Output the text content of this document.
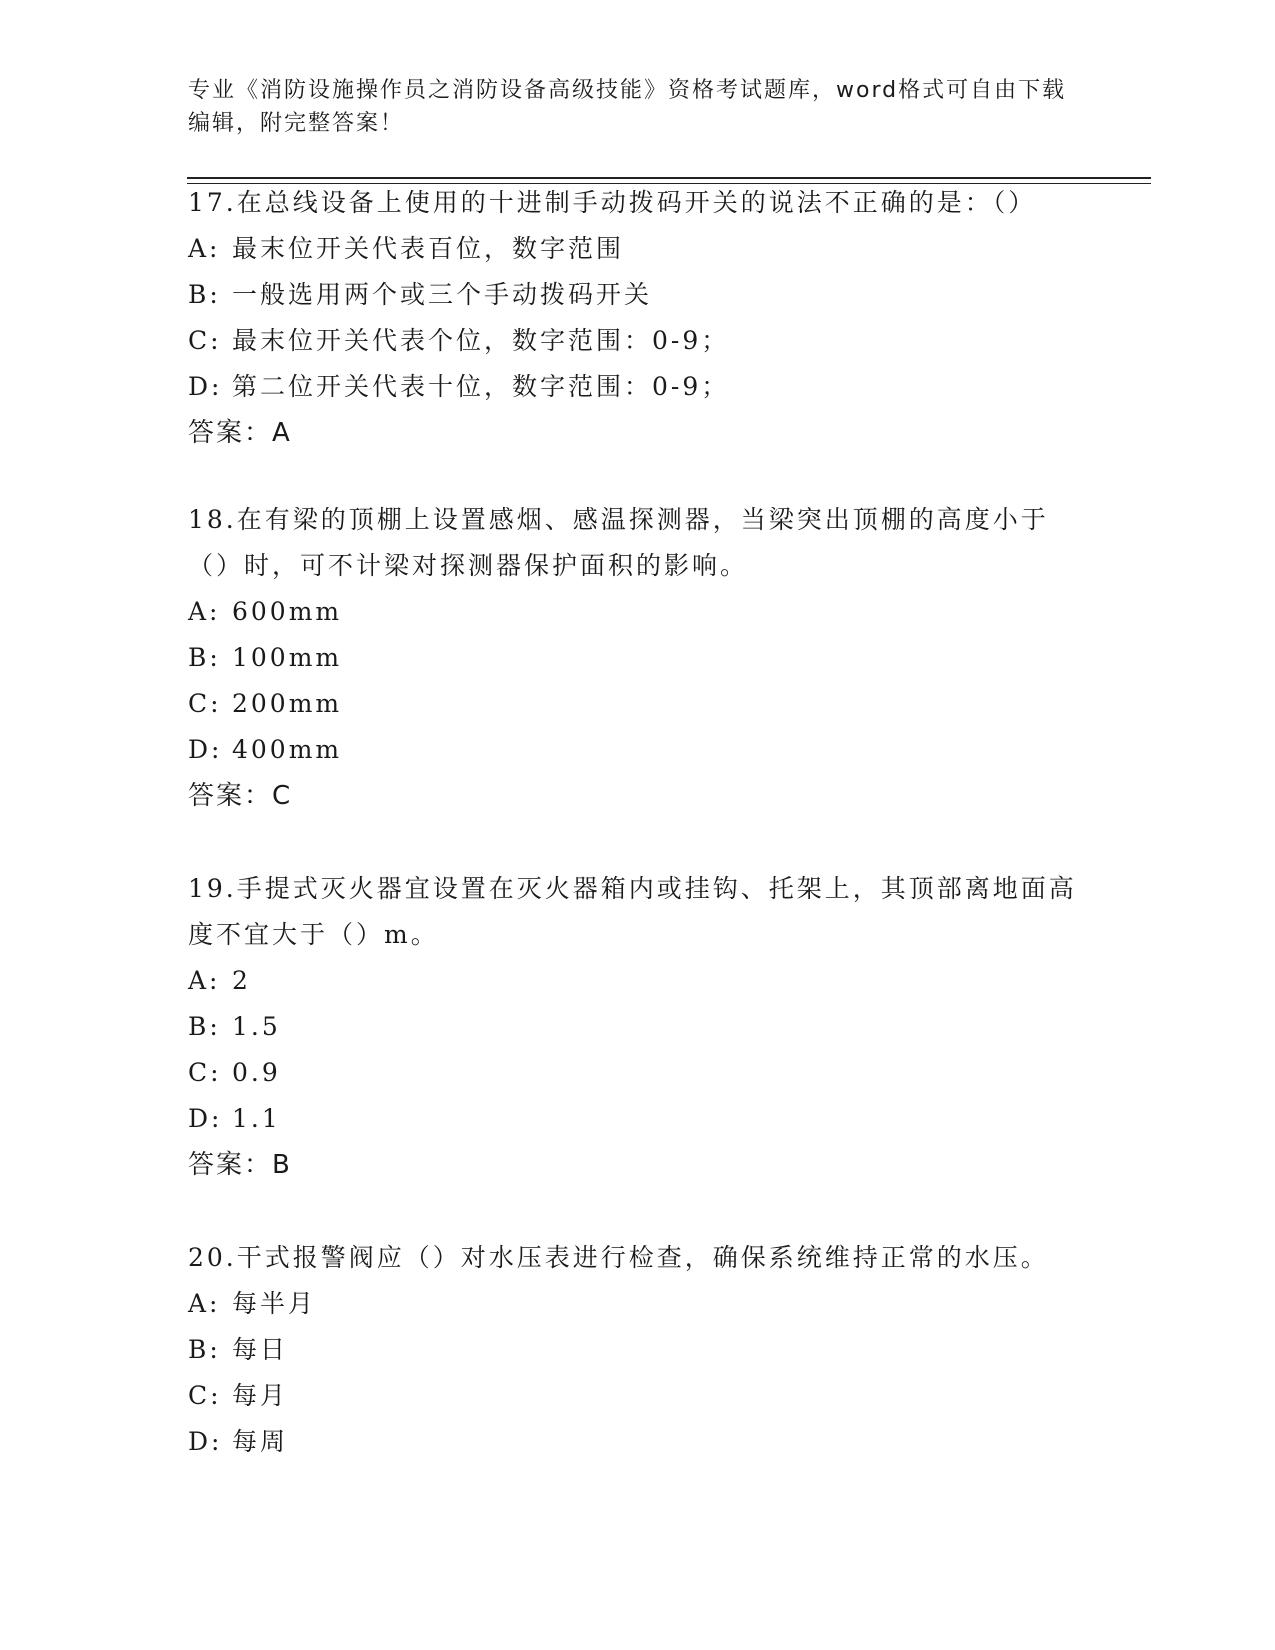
专业《消防设施操作员之消防设备高级技能》资格考试题库，word格式可自由下载编辑，附完整答案！

17.在总线设备上使用的十进制手动拨码开关的说法不正确的是：（）

A: 最末位开关代表百位，数字范围

B: 一般选用两个或三个手动拨码开关

C: 最末位开关代表个位，数字范围：0-9；

D: 第二位开关代表十位，数字范围：0-9；

答案：A

18.在有梁的顶棚上设置感烟、感温探测器，当梁突出顶棚的高度小于（）时，可不计梁对探测器保护面积的影响。

A: 600mm

B: 100mm

C: 200mm

D: 400mm

答案：C

19.手提式灭火器宜设置在灭火器箱内或挂钩、托架上，其顶部离地面高度不宜大于（）m。

A: 2

B: 1.5

C: 0.9

D: 1.1

答案：B

20.干式报警阀应（）对水压表进行检查，确保系统维持正常的水压。

A: 每半月

B: 每日

C: 每月

D: 每周
